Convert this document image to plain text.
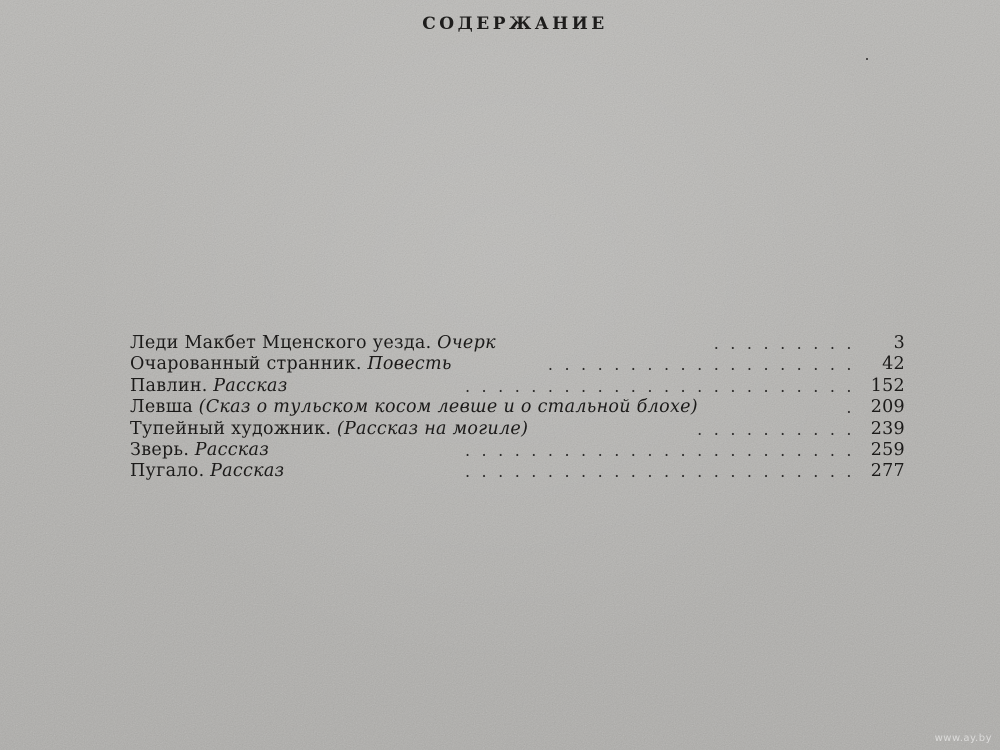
СОДЕРЖАНИЕ
Леди Макбет Мценского уезда. Очерк	.........	3
Очарованный странник. Повесть	...................	42
Павлин. Рассказ	........................ 152
Левша (Сказ о тульском косом левше и о стальной блохе)	. 209
Тупейный художник. (Рассказ на могиле)	.......... 239
Зверь. Рассказ	........................ 259
Пугало. Рассказ	........................ 277
www.ay.by
